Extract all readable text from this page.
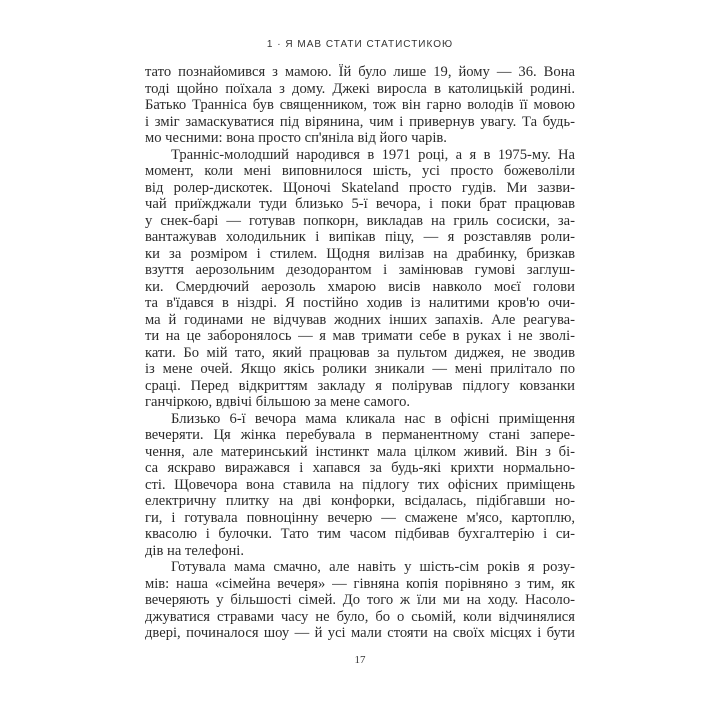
1 · Я МАВ СТАТИ СТАТИСТИКОЮ
тато познайомився з мамою. Їй було лише 19, йому — 36. Вона
тоді щойно поїхала з дому. Джекі виросла в католицькій родині.
Батько Транніса був священником, тож він гарно володів її мовою
і зміг замаскуватися під вірянина, чим і привернув увагу. Та будь-
мо чесними: вона просто сп'яніла від його чарів.
Транніс-молодший народився в 1971 році, а я в 1975-му. На
момент, коли мені виповнилося шість, усі просто божеволіли
від ролер-дискотек. Щоночі Skateland просто гудів. Ми зазви-
чай приїжджали туди близько 5-ї вечора, і поки брат працював
у снек-барі — готував попкорн, викладав на гриль сосиски, за-
вантажував холодильник і випікав піцу, — я розставляв роли-
ки за розміром і стилем. Щодня вилізав на драбинку, бризкав
взуття аерозольним дезодорантом і замінював гумові заглуш-
ки. Смердючий аерозоль хмарою висів навколо моєї голови
та в'їдався в ніздрі. Я постійно ходив із налитими кров'ю очи-
ма й годинами не відчував жодних інших запахів. Але реагува-
ти на це заборонялось — я мав тримати себе в руках і не зволі-
кати. Бо мій тато, який працював за пультом диджея, не зводив
із мене очей. Якщо якісь ролики зникали — мені прилітало по
сраці. Перед відкриттям закладу я полірував підлогу ковзанки
ганчіркою, вдвічі більшою за мене самого.
Близько 6-ї вечора мама кликала нас в офісні приміщення
вечеряти. Ця жінка перебувала в перманентному стані запере-
чення, але материнський інстинкт мала цілком живий. Він з бі-
са яскраво виражався і хапався за будь-які крихти нормально-
сті. Щовечора вона ставила на підлогу тих офісних приміщень
електричну плитку на дві конфорки, всідалась, підібгавши но-
ги, і готувала повноцінну вечерю — смажене м'ясо, картоплю,
квасолю і булочки. Тато тим часом підбивав бухгалтерію і си-
дів на телефоні.
Готувала мама смачно, але навіть у шість-сім років я розу-
мів: наша «сімейна вечеря» — гівняна копія порівняно з тим, як
вечеряють у більшості сімей. До того ж їли ми на ходу. Насоло-
джуватися стравами часу не було, бо о сьомій, коли відчинялися
двері, починалося шоу — й усі мали стояти на своїх місцях і бути
17
